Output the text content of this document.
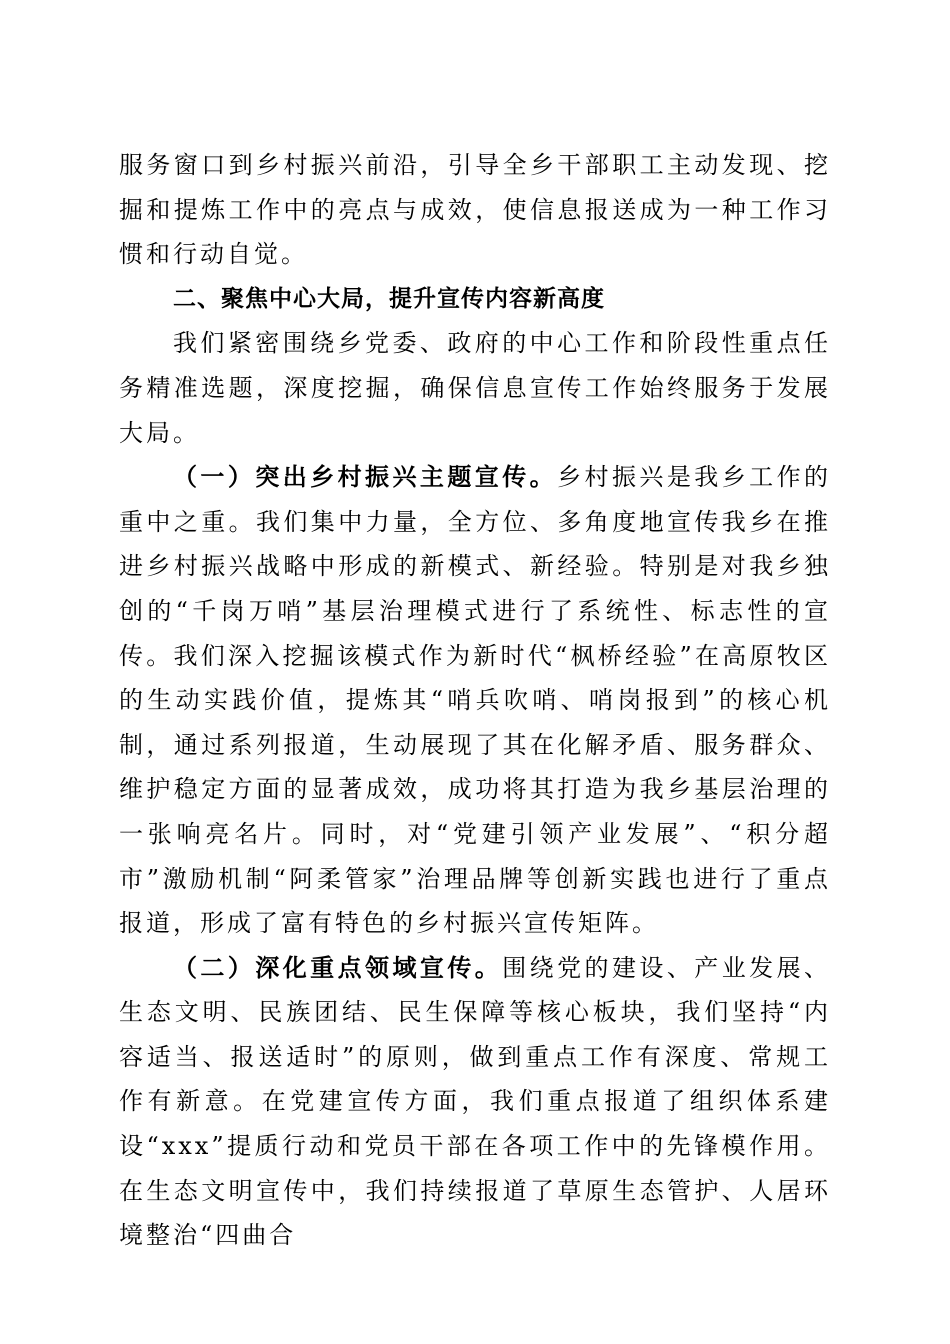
服务窗口到乡村振兴前沿，引导全乡干部职工主动发现、挖掘和提炼工作中的亮点与成效，使信息报送成为一种工作习惯和行动自觉。

二、聚焦中心大局，提升宣传内容新高度

我们紧密围绕乡党委、政府的中心工作和阶段性重点任务精准选题，深度挖掘，确保信息宣传工作始终服务于发展大局。

（一）突出乡村振兴主题宣传。乡村振兴是我乡工作的重中之重。我们集中力量，全方位、多角度地宣传我乡在推进乡村振兴战略中形成的新模式、新经验。特别是对我乡独创的“千岗万哨”基层治理模式进行了系统性、标志性的宣传。我们深入挖掘该模式作为新时代“枫桥经验”在高原牧区的生动实践价值，提炼其“哨兵吹哨、哨岗报到”的核心机制，通过系列报道，生动展现了其在化解矛盾、服务群众、维护稳定方面的显著成效，成功将其打造为我乡基层治理的一张响亮名片。同时，对“党建引领产业发展”、“积分超市”激励机制“阿柔管家”治理品牌等创新实践也进行了重点报道，形成了富有特色的乡村振兴宣传矩阵。

（二）深化重点领域宣传。围绕党的建设、产业发展、生态文明、民族团结、民生保障等核心板块，我们坚持“内容适当、报送适时”的原则，做到重点工作有深度、常规工作有新意。在党建宣传方面，我们重点报道了组织体系建设“xxx”提质行动和党员干部在各项工作中的先锋模作用。在生态文明宣传中，我们持续报道了草原生态管护、人居环境整治“四曲合
